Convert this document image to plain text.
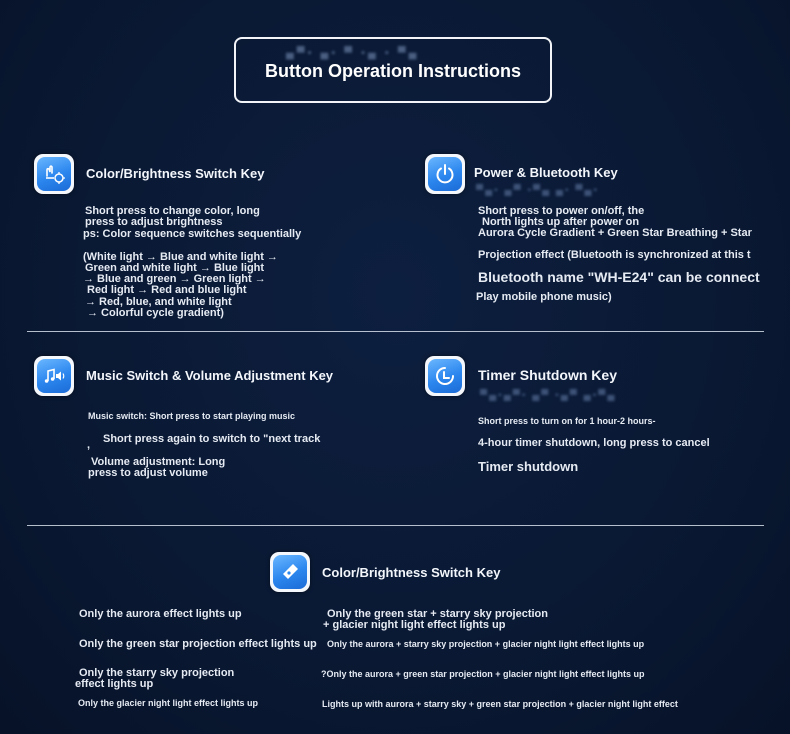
▄▀▪ ▄▪ ▀ ▪▄ ▪ ▀▄
Button Operation Instructions
Color/Brightness Switch Key
Short press to change color, long
press to adjust brightness
ps: Color sequence switches sequentially
(White light → Blue and white light →
Green and white light → Blue light
→ Blue and green → Green light →
Red light → Red and blue light
→ Red, blue, and white light
→ Colorful cycle gradient)
Power & Bluetooth Key
▀▄▪ ▄▀ ▪▀▄ ▄▪ ▀▄▪
Short press to power on/off, the
North lights up after power on
Aurora Cycle Gradient + Green Star Breathing + Star
Projection effect (Bluetooth is synchronized at this t
Bluetooth name "WH-E24" can be connect
Play mobile phone music)
Music Switch & Volume Adjustment Key
Music switch: Short press to start playing music
, Short press again to switch to "next track
Volume adjustment: Long
press to adjust volume
Timer Shutdown Key
▀▄▪▄▀▪ ▄▀ ▪▄▀ ▄▪▀▄
Short press to turn on for 1 hour-2 hours-
4-hour timer shutdown, long press to cancel
Timer shutdown
Color/Brightness Switch Key
Only the aurora effect lights up
Only the green star projection effect lights up
Only the starry sky projection
effect lights up
Only the glacier night light effect lights up
Only the green star + starry sky projection
+ glacier night light effect lights up
Only the aurora + starry sky projection + glacier night light effect lights up
?Only the aurora + green star projection + glacier night light effect lights up
Lights up with aurora + starry sky + green star projection + glacier night light effect
